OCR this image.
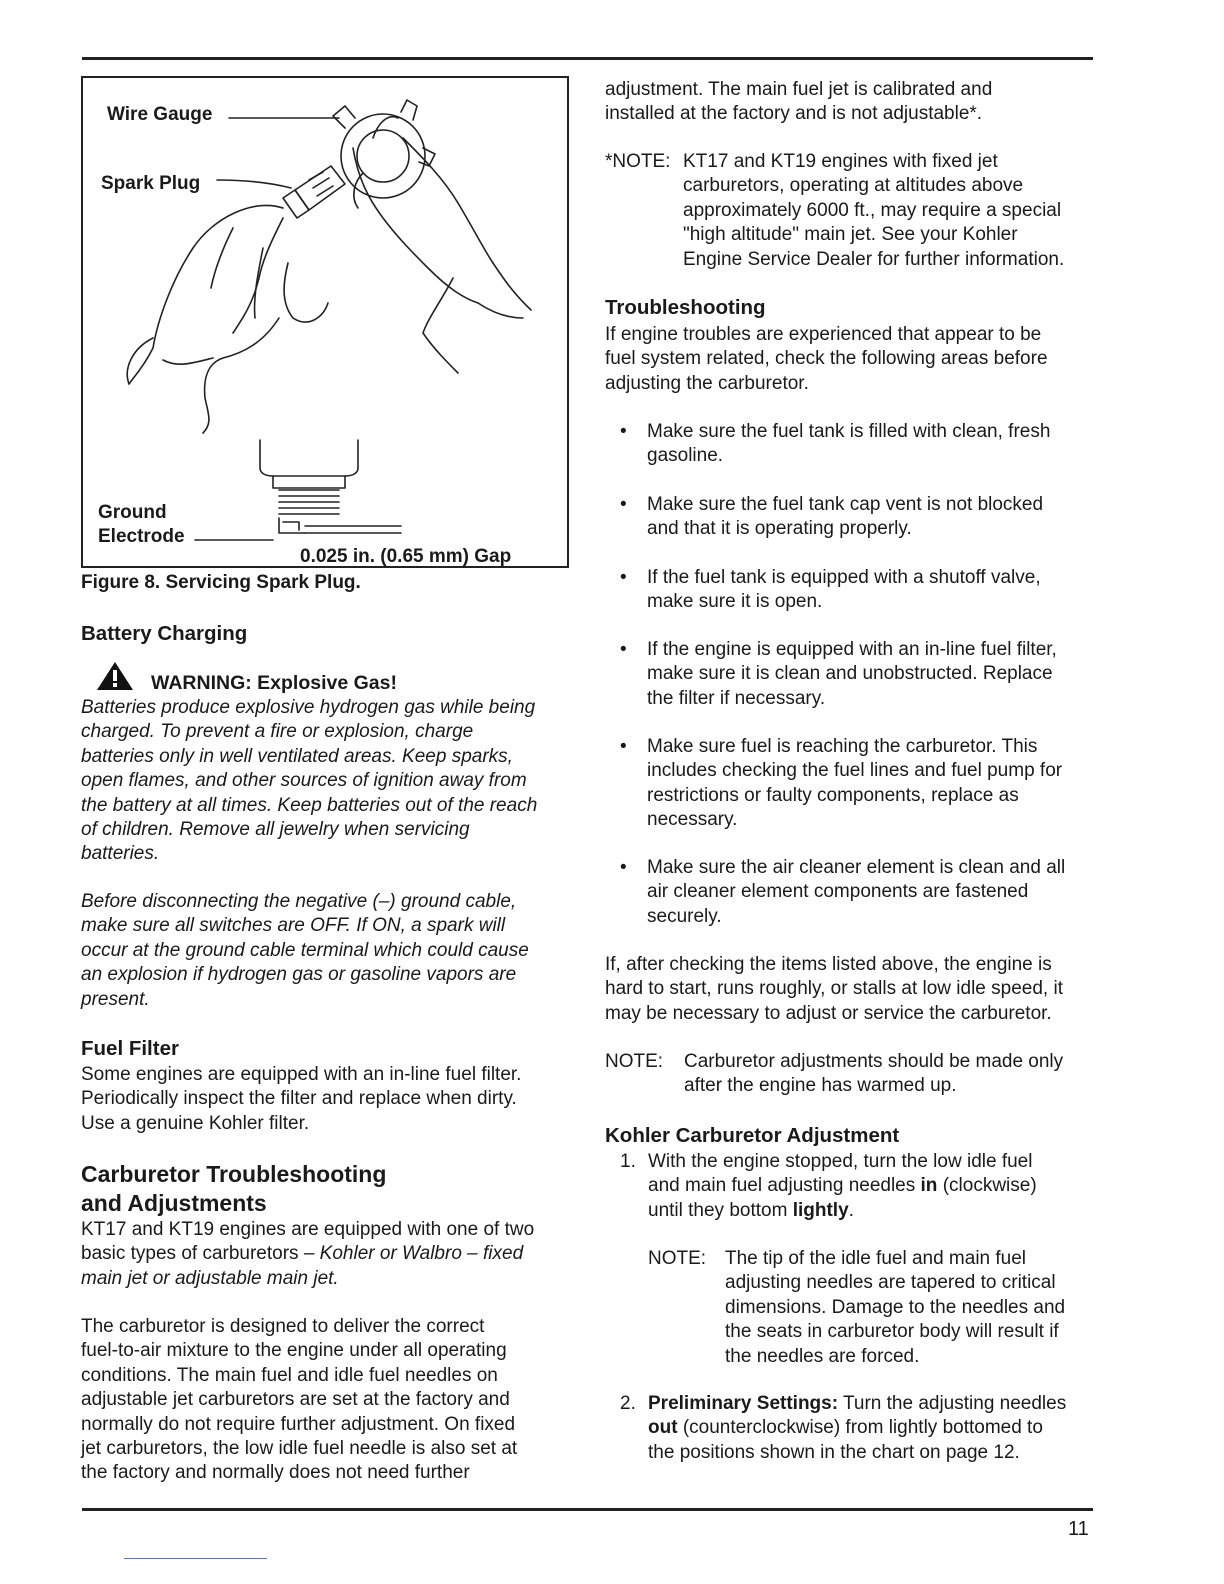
Wire Gauge
Spark Plug
Ground
Electrode
0.025 in. (0.65 mm) Gap
Figure 8. Servicing Spark Plug.
Battery Charging
WARNING: Explosive Gas!
Batteries produce explosive hydrogen gas while being
charged. To prevent a fire or explosion, charge
batteries only in well ventilated areas. Keep sparks,
open flames, and other sources of ignition away from
the battery at all times. Keep batteries out of the reach
of children. Remove all jewelry when servicing
batteries.
Before disconnecting the negative (–) ground cable,
make sure all switches are OFF. If ON, a spark will
occur at the ground cable terminal which could cause
an explosion if hydrogen gas or gasoline vapors are
present.
Fuel Filter
Some engines are equipped with an in-line fuel filter.
Periodically inspect the filter and replace when dirty.
Use a genuine Kohler filter.
Carburetor Troubleshooting
and Adjustments
KT17 and KT19 engines are equipped with one of two
basic types of carburetors – Kohler or Walbro – fixed
main jet or adjustable main jet.
The carburetor is designed to deliver the correct
fuel-to-air mixture to the engine under all operating
conditions. The main fuel and idle fuel needles on
adjustable jet carburetors are set at the factory and
normally do not require further adjustment. On fixed
jet carburetors, the low idle fuel needle is also set at
the factory and normally does not need further
adjustment. The main fuel jet is calibrated and
installed at the factory and is not adjustable*.
*NOTE: KT17 and KT19 engines with fixed jet
carburetors, operating at altitudes above
approximately 6000 ft., may require a special
"high altitude" main jet. See your Kohler
Engine Service Dealer for further information.
Troubleshooting
If engine troubles are experienced that appear to be
fuel system related, check the following areas before
adjusting the carburetor.
• Make sure the fuel tank is filled with clean, fresh
gasoline.
• Make sure the fuel tank cap vent is not blocked
and that it is operating properly.
• If the fuel tank is equipped with a shutoff valve,
make sure it is open.
• If the engine is equipped with an in-line fuel filter,
make sure it is clean and unobstructed. Replace
the filter if necessary.
• Make sure fuel is reaching the carburetor. This
includes checking the fuel lines and fuel pump for
restrictions or faulty components, replace as
necessary.
• Make sure the air cleaner element is clean and all
air cleaner element components are fastened
securely.
If, after checking the items listed above, the engine is
hard to start, runs roughly, or stalls at low idle speed, it
may be necessary to adjust or service the carburetor.
NOTE: Carburetor adjustments should be made only
after the engine has warmed up.
Kohler Carburetor Adjustment
1. With the engine stopped, turn the low idle fuel
and main fuel adjusting needles in (clockwise)
until they bottom lightly.
NOTE: The tip of the idle fuel and main fuel
adjusting needles are tapered to critical
dimensions. Damage to the needles and
the seats in carburetor body will result if
the needles are forced.
2. Preliminary Settings: Turn the adjusting needles
out (counterclockwise) from lightly bottomed to
the positions shown in the chart on page 12.
11
